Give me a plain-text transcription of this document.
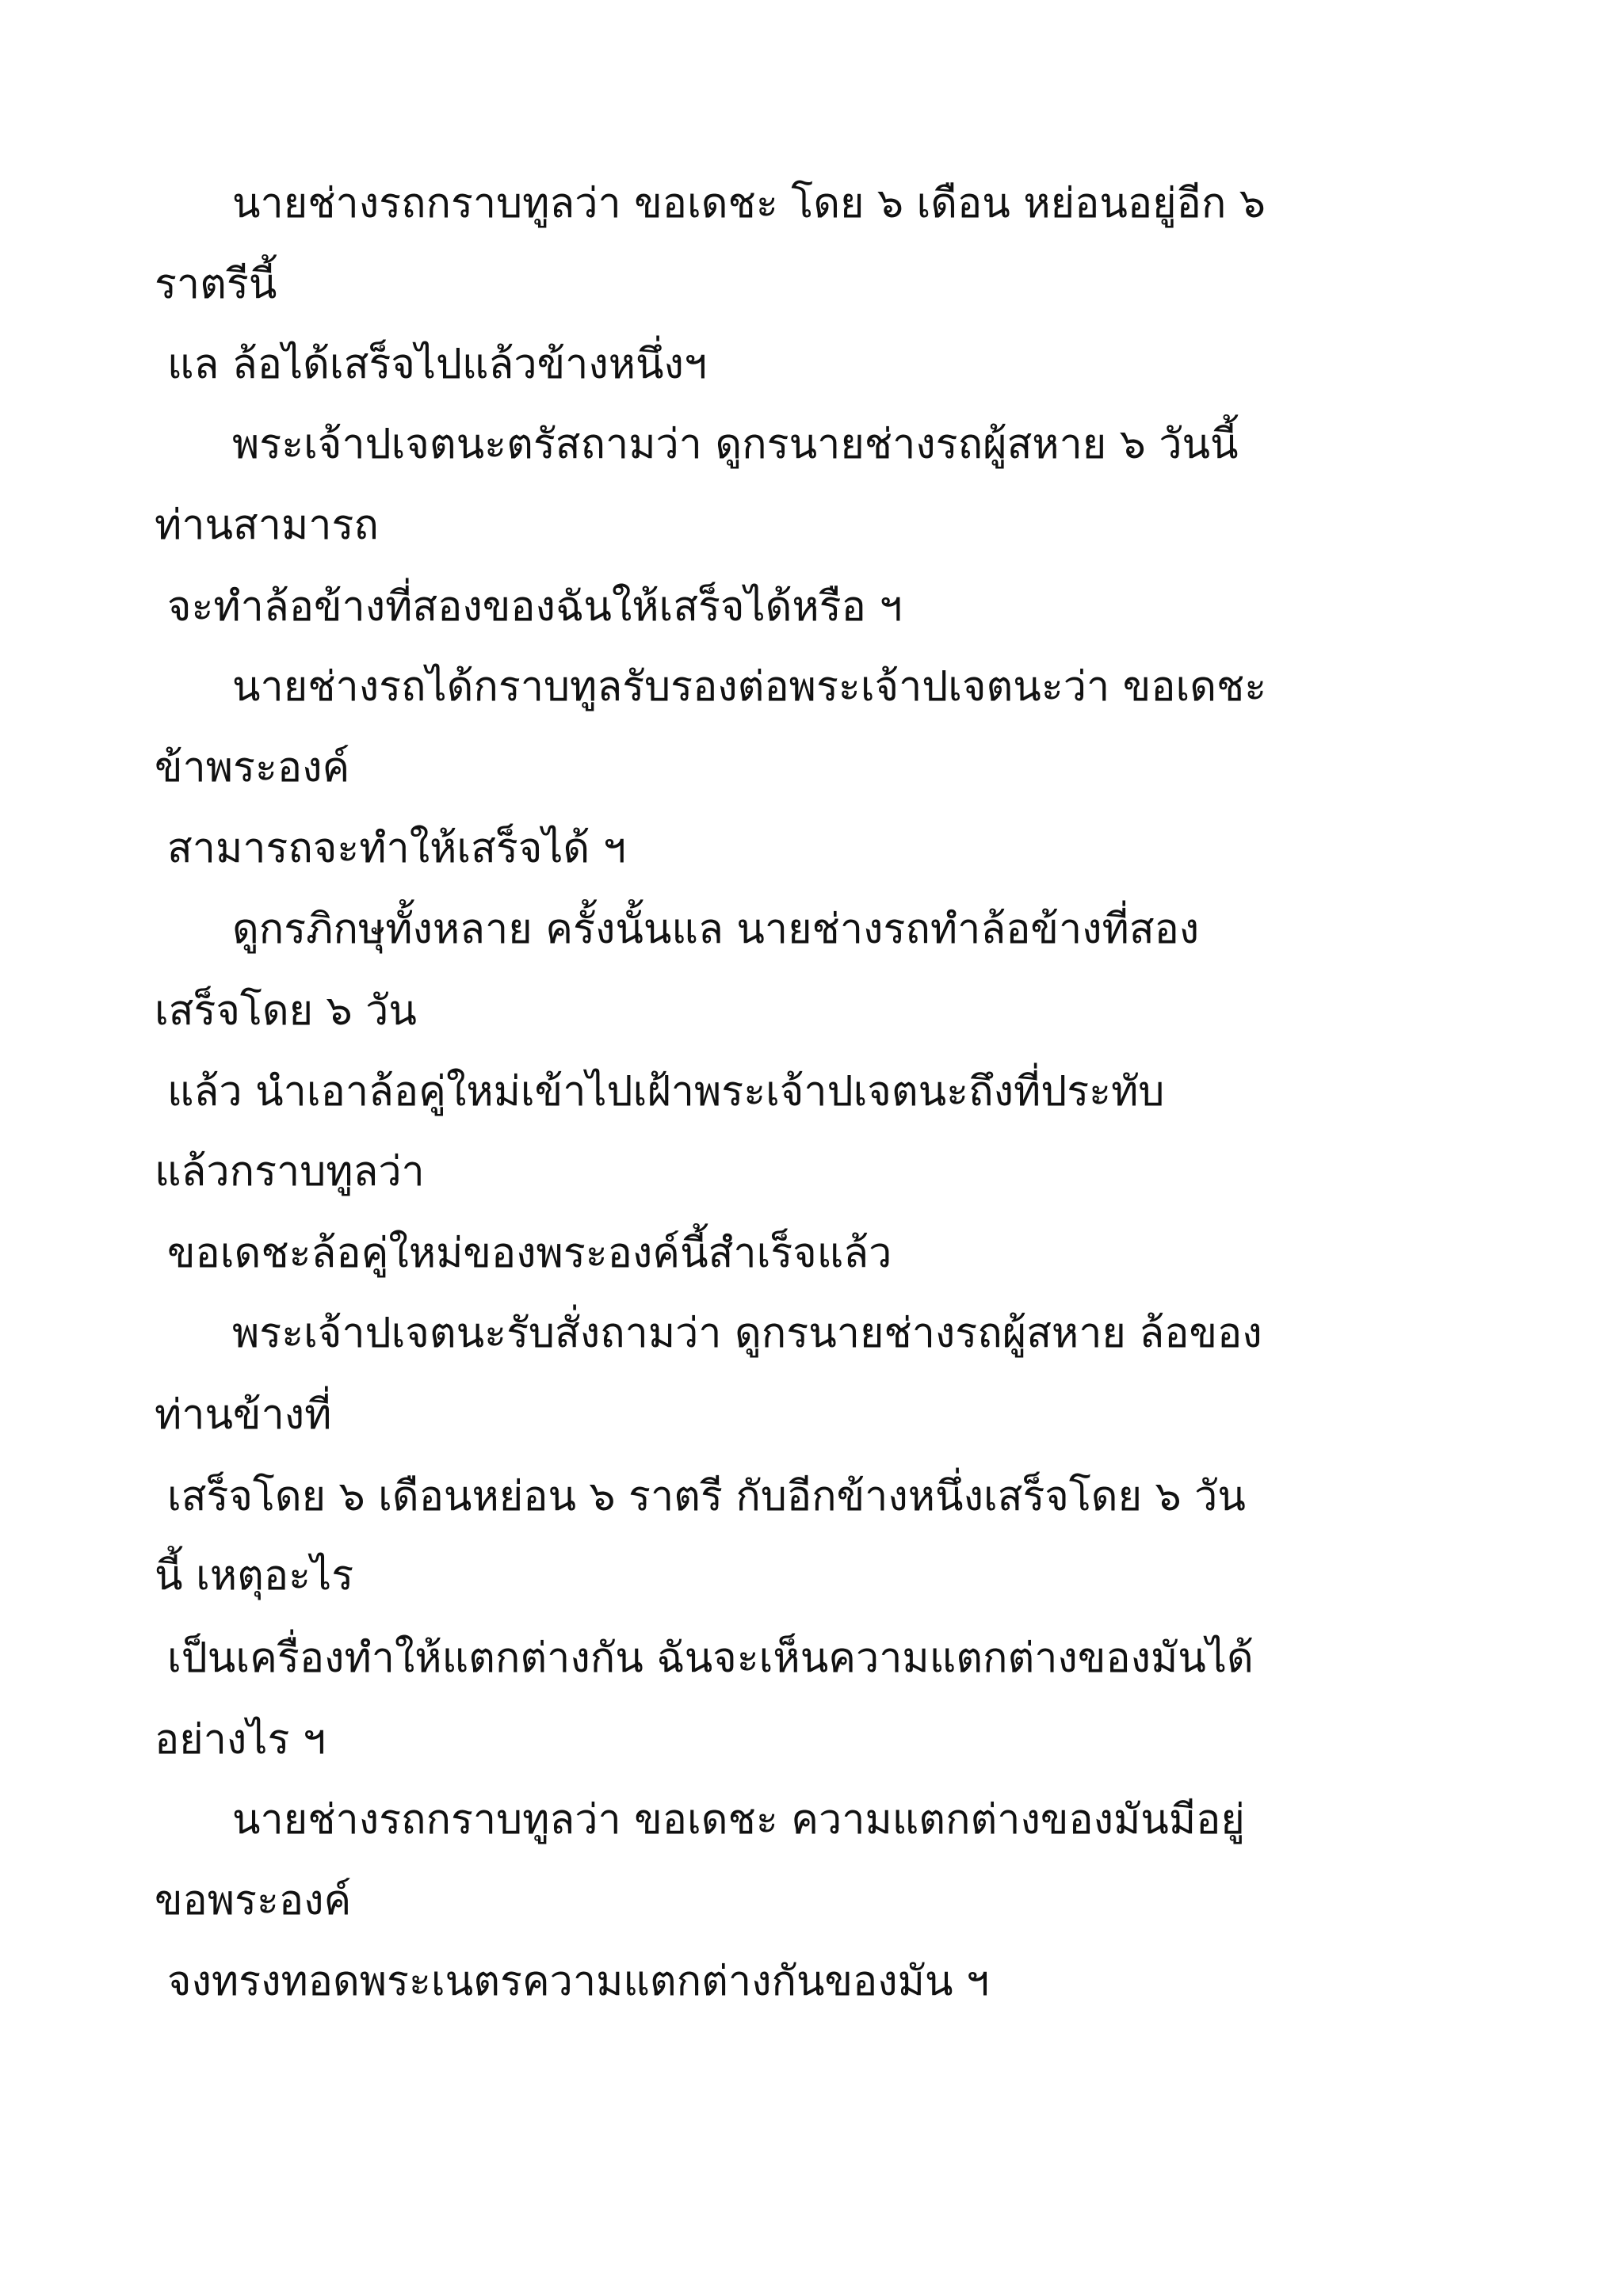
นายช่างรถกราบทูลว่า ขอเดชะ โดย ๖ เดือน หย่อนอยู่อีก ๖
ราตรีนี้
แล ล้อได้เสร็จไปแล้วข้างหนึ่งฯ
พระเจ้าปเจตนะตรัสถามว่า ดูกรนายช่างรถผู้สหาย ๖ วันนี้
ท่านสามารถ
จะทำล้อข้างที่สองของฉันให้เสร็จได้หรือ ฯ
นายช่างรถได้กราบทูลรับรองต่อพระเจ้าปเจตนะว่า ขอเดชะ
ข้าพระองค์
สามารถจะทำให้เสร็จได้ ฯ
ดูกรภิกษุทั้งหลาย ครั้งนั้นแล นายช่างรถทำล้อข้างที่สอง
เสร็จโดย ๖ วัน
แล้ว นำเอาล้อคู่ใหม่เข้าไปเฝ้าพระเจ้าปเจตนะถึงที่ประทับ
แล้วกราบทูลว่า
ขอเดชะล้อคู่ใหม่ของพระองค์นี้สำเร็จแล้ว
พระเจ้าปเจตนะรับสั่งถามว่า ดูกรนายช่างรถผู้สหาย ล้อของ
ท่านข้างที่
เสร็จโดย ๖ เดือนหย่อน ๖ ราตรี กับอีกข้างหนึ่งเสร็จโดย ๖ วัน
นี้ เหตุอะไร
เป็นเครื่องทำให้แตกต่างกัน ฉันจะเห็นความแตกต่างของมันได้
อย่างไร ฯ
นายช่างรถกราบทูลว่า ขอเดชะ ความแตกต่างของมันมีอยู่
ขอพระองค์
จงทรงทอดพระเนตรความแตกต่างกันของมัน ฯ
